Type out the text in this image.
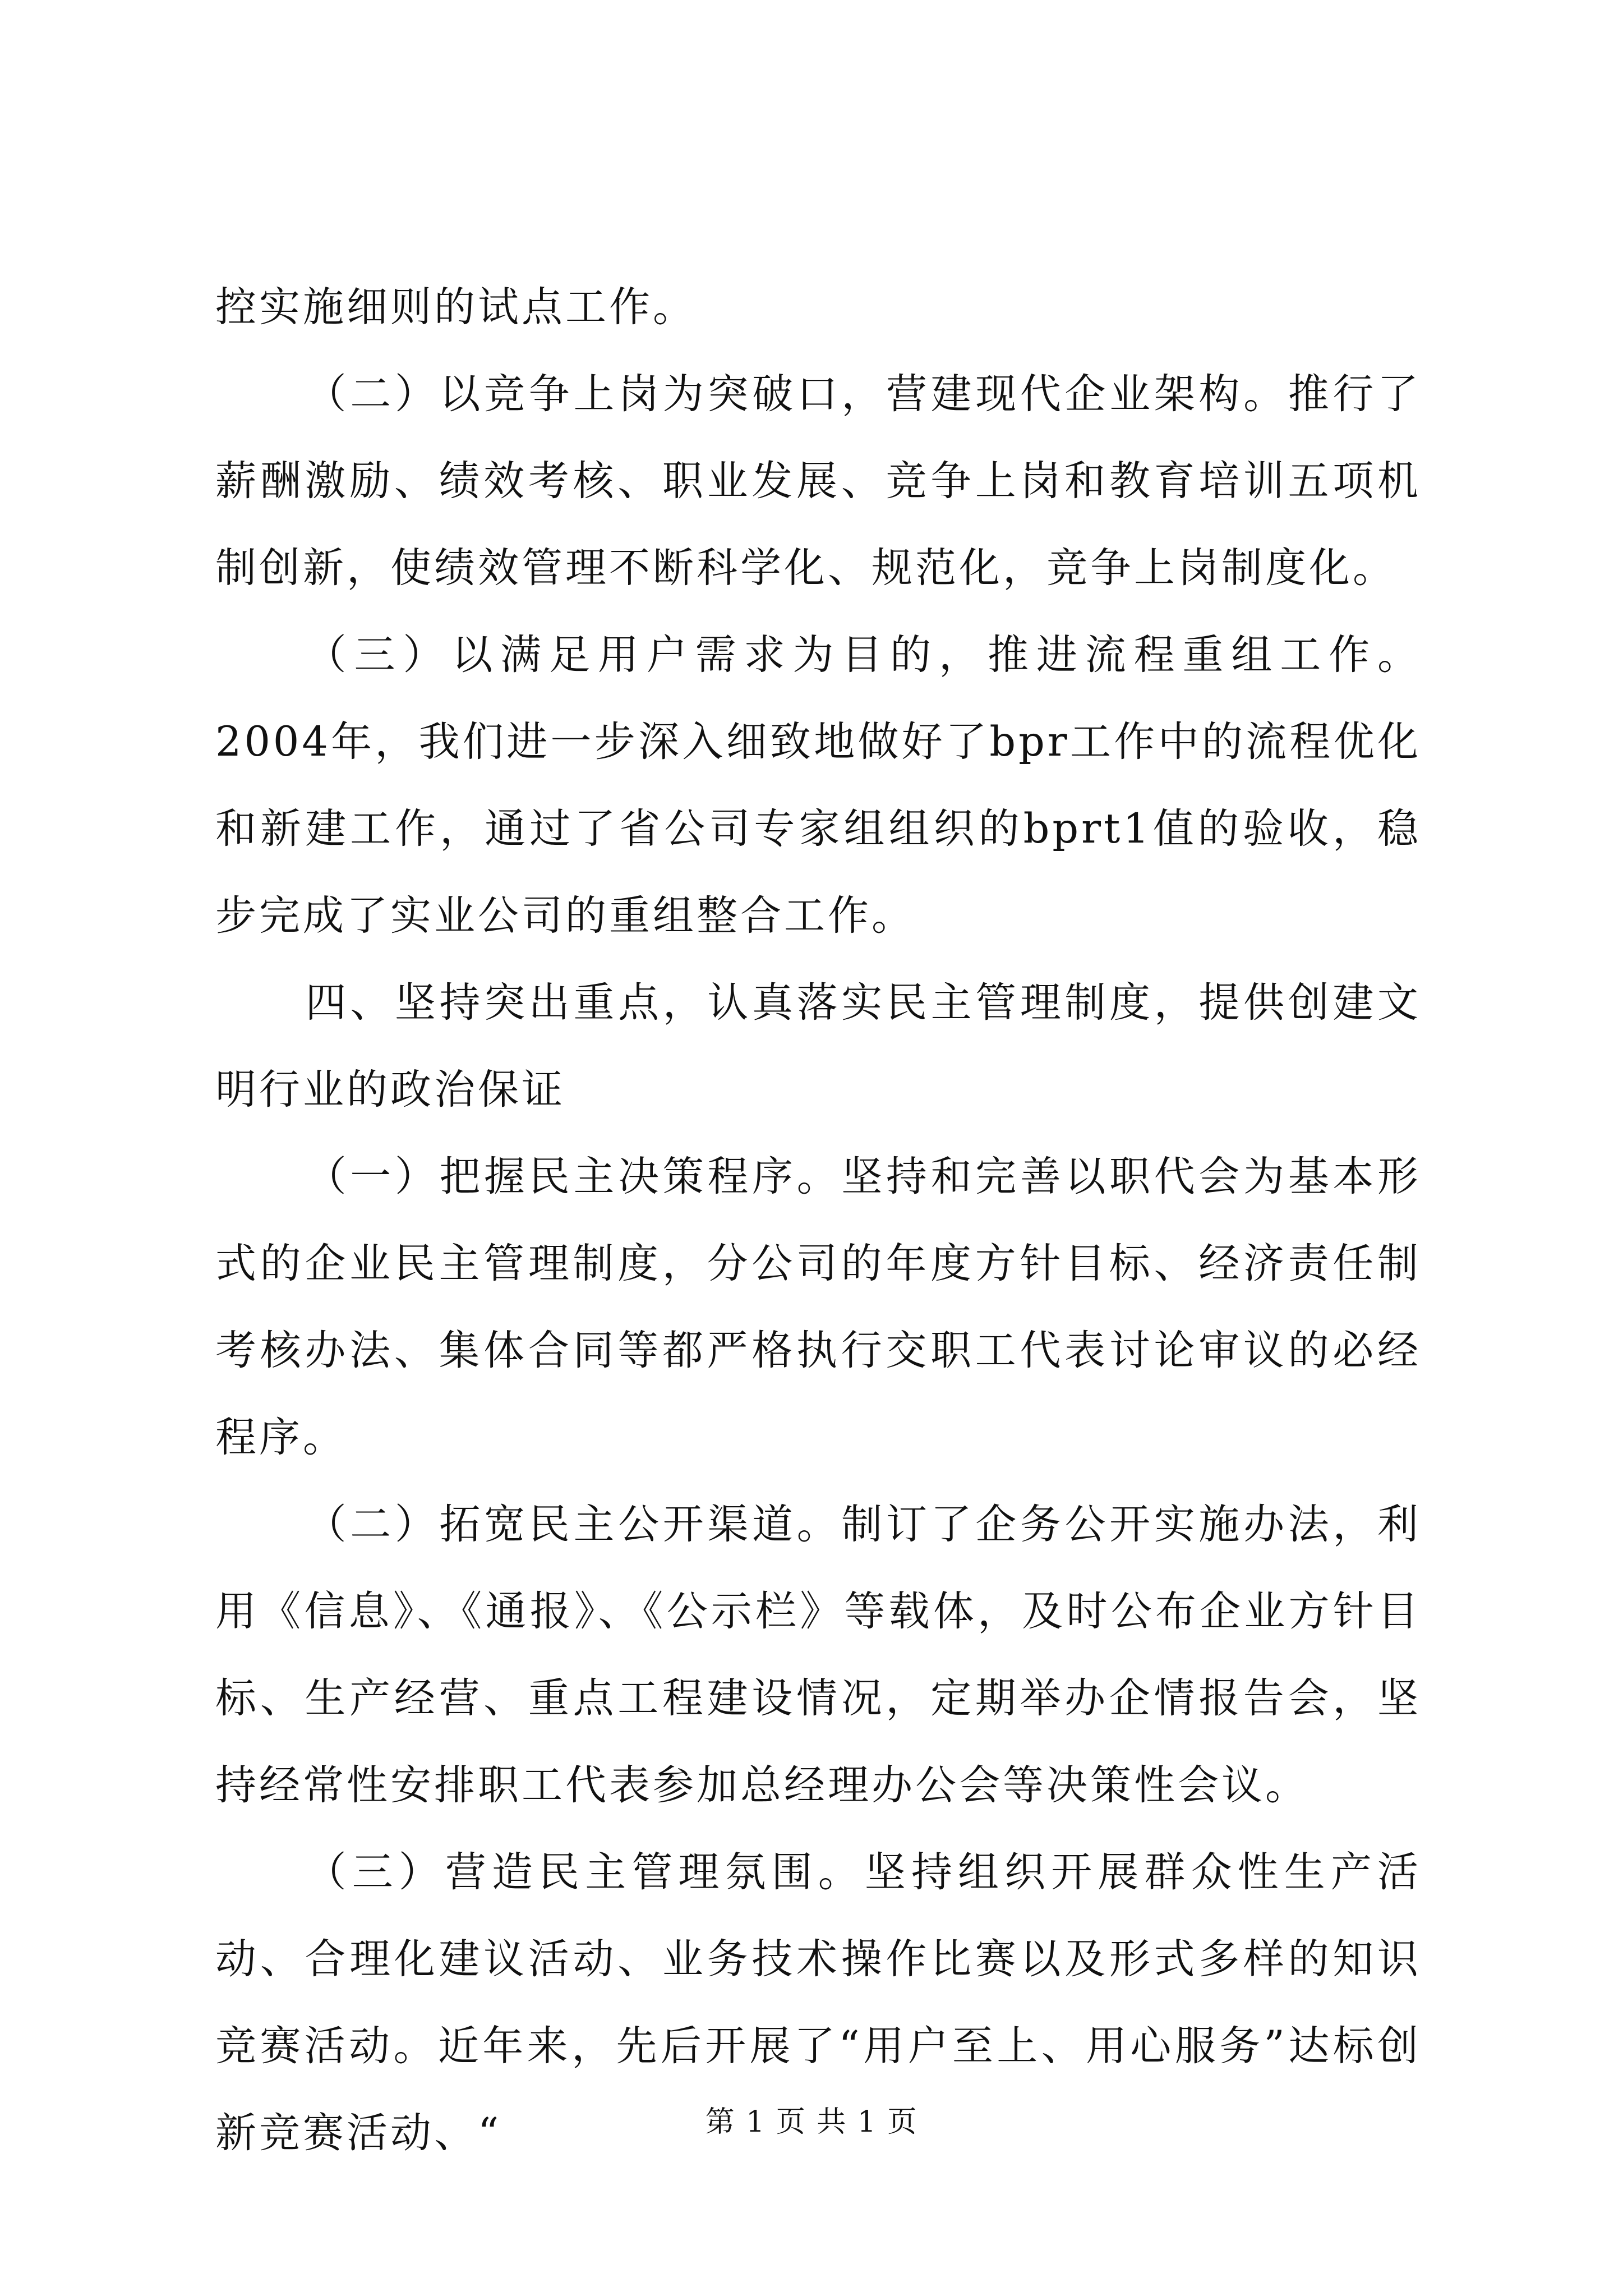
控实施细则的试点工作。

（二）以竞争上岗为突破口，营建现代企业架构。推行了薪酬激励、绩效考核、职业发展、竞争上岗和教育培训五项机制创新，使绩效管理不断科学化、规范化，竞争上岗制度化。

（三）以满足用户需求为目的，推进流程重组工作。2004年，我们进一步深入细致地做好了bpr工作中的流程优化和新建工作，通过了省公司专家组组织的bprt1值的验收，稳步完成了实业公司的重组整合工作。

四、坚持突出重点，认真落实民主管理制度，提供创建文明行业的政治保证

（一）把握民主决策程序。坚持和完善以职代会为基本形式的企业民主管理制度，分公司的年度方针目标、经济责任制考核办法、集体合同等都严格执行交职工代表讨论审议的必经程序。

（二）拓宽民主公开渠道。制订了企务公开实施办法，利用《信息》、《通报》、《公示栏》等载体，及时公布企业方针目标、生产经营、重点工程建设情况，定期举办企情报告会，坚持经常性安排职工代表参加总经理办公会等决策性会议。

（三）营造民主管理氛围。坚持组织开展群众性生产活动、合理化建议活动、业务技术操作比赛以及形式多样的知识竞赛活动。近年来，先后开展了“用户至上、用心服务”达标创新竞赛活动、“	第 1 页 共 1 页
